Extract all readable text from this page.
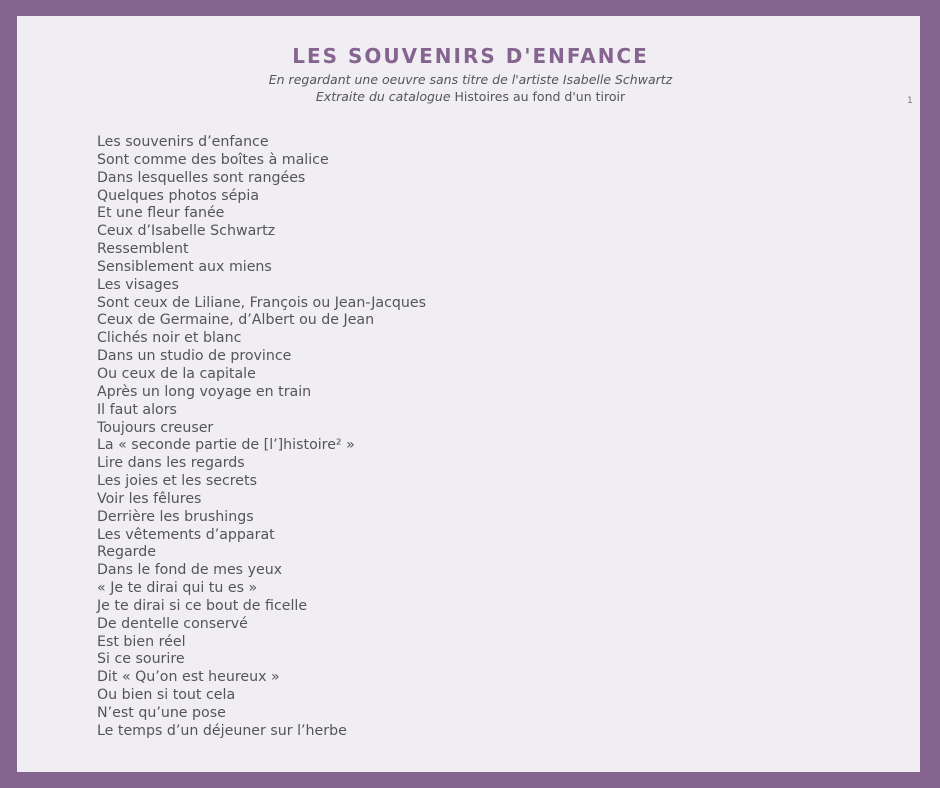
LES SOUVENIRS D'ENFANCE
En regardant une oeuvre sans titre de l'artiste Isabelle Schwartz
Extraite du catalogue Histoires au fond d'un tiroir	1
Les souvenirs d’enfance
Sont comme des boîtes à malice
Dans lesquelles sont rangées
Quelques photos sépia
Et une fleur fanée
Ceux d’Isabelle Schwartz
Ressemblent
Sensiblement aux miens
Les visages
Sont ceux de Liliane, François ou Jean-Jacques
Ceux de Germaine, d’Albert ou de Jean
Clichés noir et blanc
Dans un studio de province
Ou ceux de la capitale
Après un long voyage en train
Il faut alors
Toujours creuser
La « seconde partie de [l’]histoire² »
Lire dans les regards
Les joies et les secrets
Voir les fêlures
Derrière les brushings
Les vêtements d’apparat
Regarde
Dans le fond de mes yeux
« Je te dirai qui tu es »
Je te dirai si ce bout de ficelle
De dentelle conservé
Est bien réel
Si ce sourire
Dit « Qu’on est heureux »
Ou bien si tout cela
N’est qu’une pose
Le temps d’un déjeuner sur l’herbe
